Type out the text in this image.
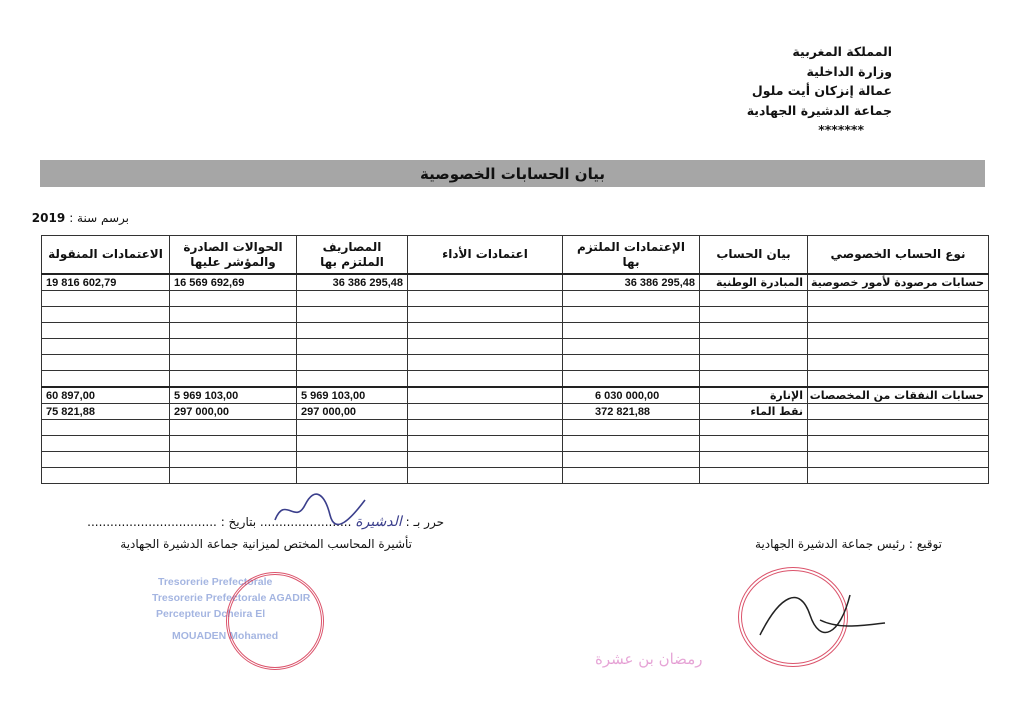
المملكة المغربية
وزارة الداخلية
عمالة إنزكان أيت ملول
جماعة الدشيرة الجهادية
*******
بيان الحسابات الخصوصية
برسم سنة :2019
الاعتمادات المنقولة	الحوالات الصادرة والمؤشر عليها	المصاريف الملتزم بها	اعتمادات الأداء	الإعتمادات الملتزم بها	بيان الحساب	نوع الحساب الخصوصي
19 816 602,79	16 569 692,69	36 386 295,48		36 386 295,48	المبادرة الوطنية	حسابات مرصودة لأمور خصوصية

60 897,00	5 969 103,00	5 969 103,00		6 030 000,00	الإنارة	حسابات النفقات من المخصصات
75 821,88	297 000,00	297 000,00		372 821,88	نقط الماء	

حرر بـ : الدشيرة ........................ بتاريخ : ..................................
تأشيرة المحاسب المختص لميزانية جماعة الدشيرة الجهادية	توقيع : رئيس جماعة الدشيرة الجهادية
Tresorerie Prefectorale
Tresorerie Prefectorale AGADIR
Percepteur Dcheira El
MOUADEN Mohamed
رمضان بن عشرة
